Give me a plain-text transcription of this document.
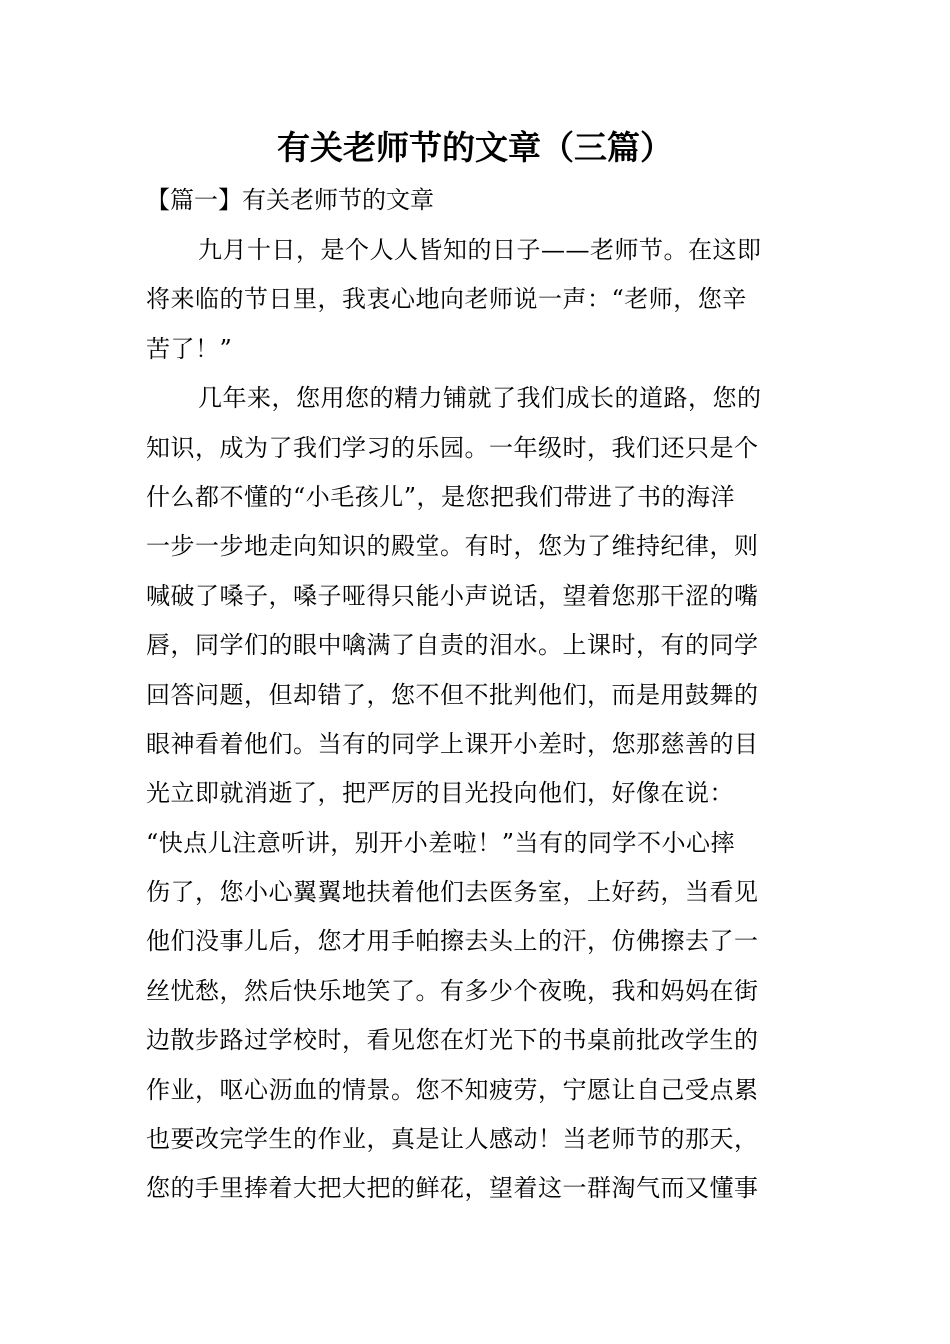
有关老师节的文章（三篇）
【篇一】有关老师节的文章
九月十日，是个人人皆知的日子——老师节。在这即
将来临的节日里，我衷心地向老师说一声：“老师，您辛
苦了！”
几年来，您用您的精力铺就了我们成长的道路，您的
知识，成为了我们学习的乐园。一年级时，我们还只是个
什么都不懂的“小毛孩儿”，是您把我们带进了书的海洋
一步一步地走向知识的殿堂。有时，您为了维持纪律，则
喊破了嗓子，嗓子哑得只能小声说话，望着您那干涩的嘴
唇，同学们的眼中噙满了自责的泪水。上课时，有的同学
回答问题，但却错了，您不但不批判他们，而是用鼓舞的
眼神看着他们。当有的同学上课开小差时，您那慈善的目
光立即就消逝了，把严厉的目光投向他们，好像在说：
“快点儿注意听讲，别开小差啦！”当有的同学不小心摔
伤了，您小心翼翼地扶着他们去医务室，上好药，当看见
他们没事儿后，您才用手帕擦去头上的汗，仿佛擦去了一
丝忧愁，然后快乐地笑了。有多少个夜晚，我和妈妈在街
边散步路过学校时，看见您在灯光下的书桌前批改学生的
作业，呕心沥血的情景。您不知疲劳，宁愿让自己受点累
也要改完学生的作业，真是让人感动！当老师节的那天，
您的手里捧着大把大把的鲜花，望着这一群淘气而又懂事
